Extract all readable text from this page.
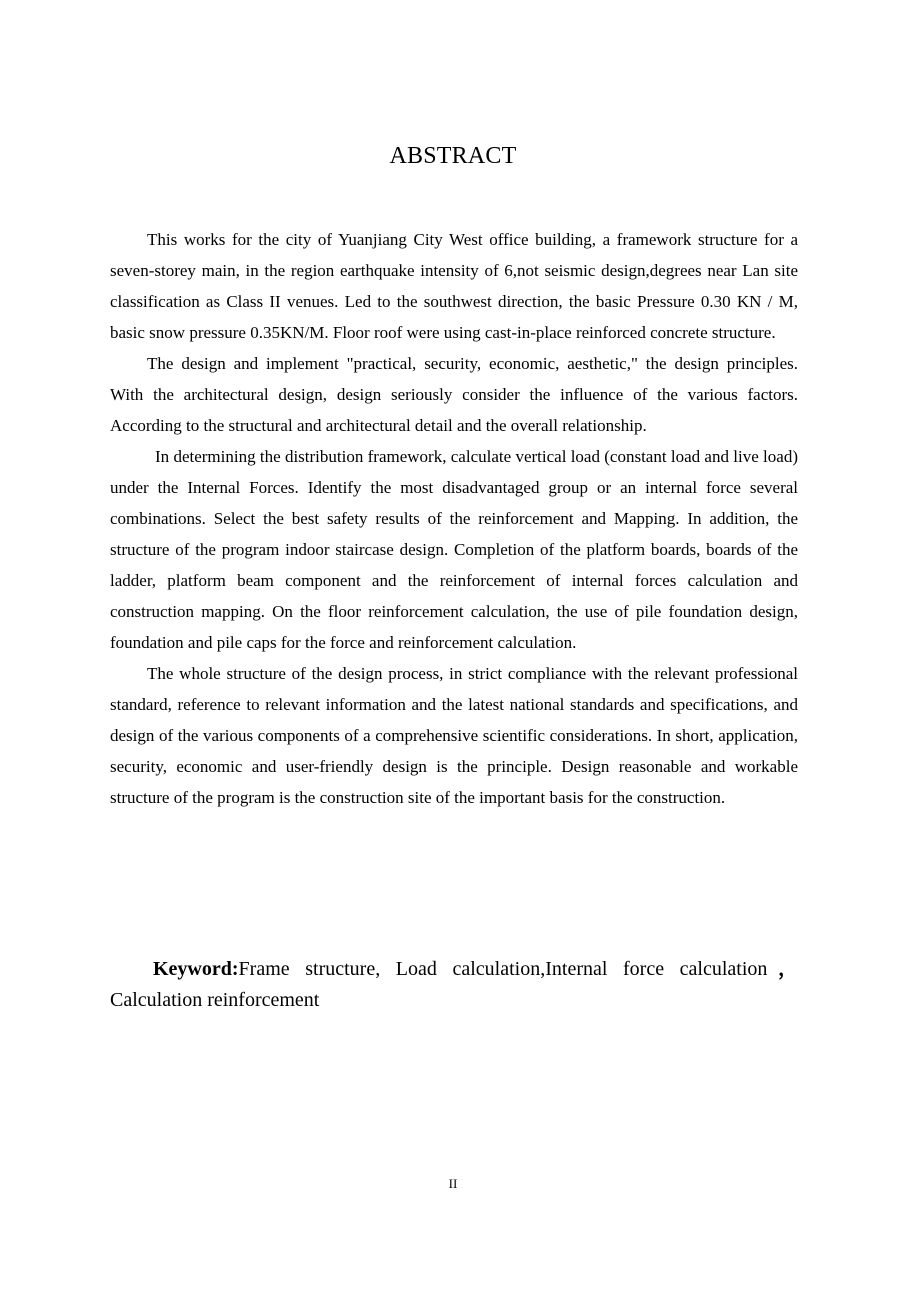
ABSTRACT

This works for the city of Yuanjiang City West office building, a framework structure for a seven-storey main, in the region earthquake intensity of 6,not seismic design,degrees near Lan site classification as Class II venues. Led to the southwest direction, the basic Pressure 0.30 KN / M, basic snow pressure 0.35KN/M. Floor roof were using cast-in-place reinforced concrete structure.

The design and implement "practical, security, economic, aesthetic," the design principles. With the architectural design, design seriously consider the influence of the various factors. According to the structural and architectural detail and the overall relationship.

In determining the distribution framework, calculate vertical load (constant load and live load) under the Internal Forces. Identify the most disadvantaged group or an internal force several combinations. Select the best safety results of the reinforcement and Mapping. In addition, the structure of the program indoor staircase design. Completion of the platform boards, boards of the ladder, platform beam component and the reinforcement of internal forces calculation and construction mapping. On the floor reinforcement calculation, the use of pile foundation design, foundation and pile caps for the force and reinforcement calculation.

The whole structure of the design process, in strict compliance with the relevant professional standard, reference to relevant information and the latest national standards and specifications, and design of the various components of a comprehensive scientific considerations. In short, application, security, economic and user-friendly design is the principle. Design reasonable and workable structure of the program is the construction site of the important basis for the construction.

Keyword:Frame structure, Load calculation,Internal force calculation，Calculation reinforcement
II
